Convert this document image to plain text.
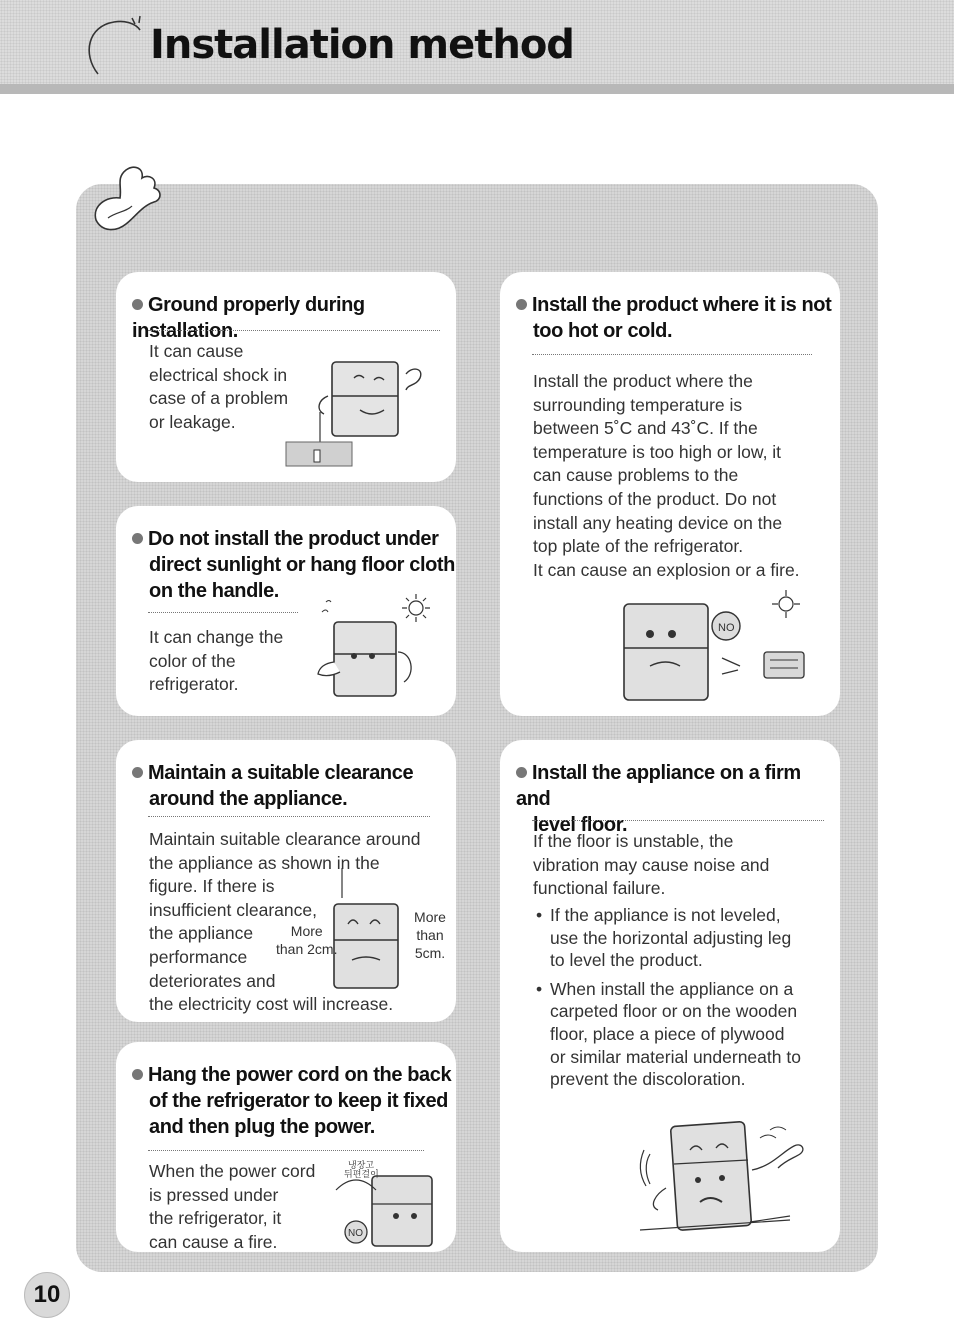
Installation method
Ground properly during installation.

It can cause
electrical shock in
case of a problem
or leakage.

Do not install the product under
direct sunlight or hang floor cloth
on the handle.

It can change the
color of the
refrigerator.

Install the product where it is not
too hot or cold.

Install the product where the
surrounding temperature is
between 5˚C and 43˚C. If the
temperature is too high or low, it
can cause problems to the
functions of the product. Do not
install any heating device on the
top plate of the refrigerator.
It can cause an explosion or a fire.

NO
Maintain a suitable clearance
around the appliance.

Maintain suitable clearance around
the appliance as shown in the
figure. If there is
insufficient clearance,
the appliance
performance
deteriorates and
the electricity cost will increase.

More
than 2cm.
More
than 5cm.
Hang the power cord on the back
of the refrigerator to keep it fixed
and then plug the power.

When the power cord
is pressed under
the refrigerator, it
can cause a fire.	NO
냉장고
뒤편걸이
Install the appliance on a firm and
level floor.

If the floor is unstable, the
vibration may cause noise and
functional failure.

• If the appliance is not leveled,
use the horizontal adjusting leg
to level the product.
• When install the appliance on a
carpeted floor or on the wooden
floor, place a piece of plywood
or similar material underneath to
prevent the discoloration.
10
